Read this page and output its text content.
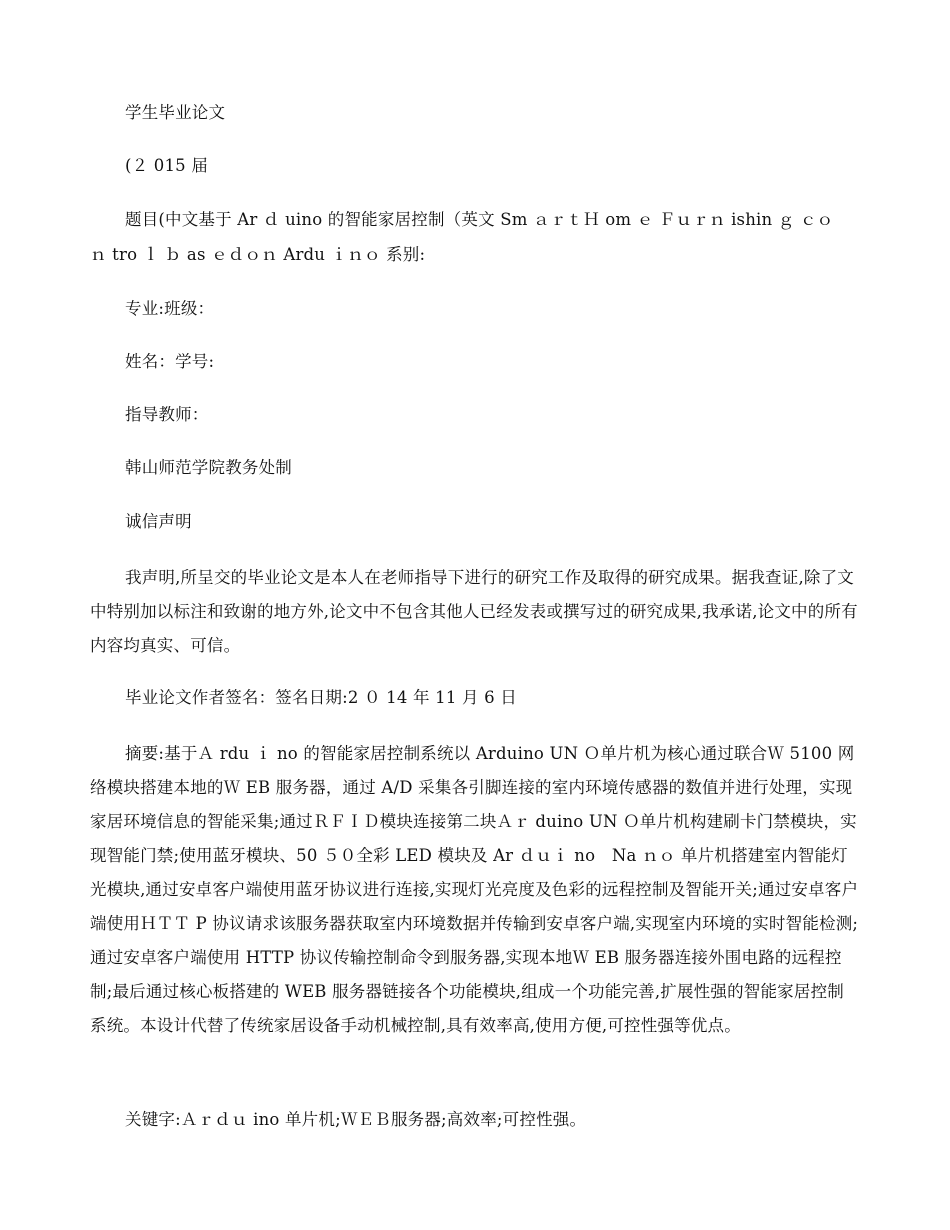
学生毕业论文
(２ 015 届
题目(中文基于 Ar ｄ uino 的智能家居控制（英文 Sm ａｒｔＨ om ｅ Ｆｕｒｎ ishin ｇ ｃｏ
ｎ tro ｌ ｂ as ｅｄｏｎ Ardu ｉｎｏ 系别:
专业:班级：
姓名：学号:
指导教师：
韩山师范学院教务处制
诚信声明

我声明,所呈交的毕业论文是本人在老师指导下进行的研究工作及取得的研究成果。据我查证,除了文中特别加以标注和致谢的地方外,论文中不包含其他人已经发表或撰写过的研究成果,我承诺,论文中的所有内容均真实、可信。

毕业论文作者签名：签名日期:2 ０ 14 年 11 月 6 日

摘要:基于Ａ rdu ｉ no 的智能家居控制系统以 Arduino UN Ｏ单片机为核心通过联合Ｗ 5100 网络模块搭建本地的Ｗ EB 服务器，通过 A/D 采集各引脚连接的室内环境传感器的数值并进行处理，实现家居环境信息的智能采集;通过ＲＦＩＤ模块连接第二块Ａｒ duino UN Ｏ单片机构建刷卡门禁模块，实现智能门禁;使用蓝牙模块、50 ５０全彩 LED 模块及 Ar ｄｕｉ no　Na ｎｏ 单片机搭建室内智能灯光模块,通过安卓客户端使用蓝牙协议进行连接,实现灯光亮度及色彩的远程控制及智能开关;通过安卓客户端使用ＨＴＴ P 协议请求该服务器获取室内环境数据并传输到安卓客户端,实现室内环境的实时智能检测;通过安卓客户端使用 HTTP 协议传输控制命令到服务器,实现本地Ｗ EB 服务器连接外围电路的远程控制;最后通过核心板搭建的 WEB 服务器链接各个功能模块,组成一个功能完善,扩展性强的智能家居控制系统。本设计代替了传统家居设备手动机械控制,具有效率高,使用方便,可控性强等优点。

关键字:Ａｒｄｕ ino 单片机;ＷＥＢ服务器;高效率;可控性强。
